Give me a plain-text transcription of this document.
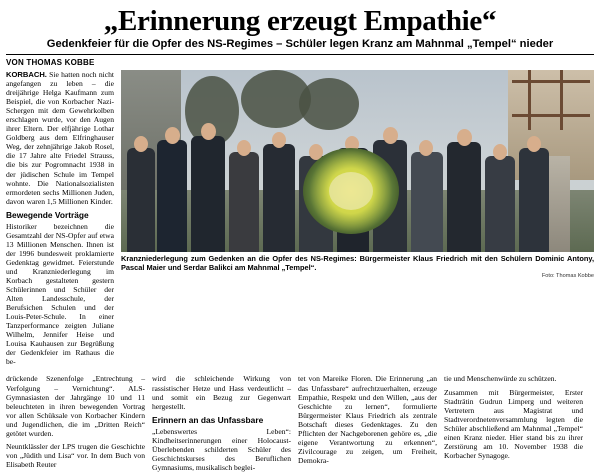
„Erinnerung erzeugt Empathie“
Gedenkfeier für die Opfer des NS-Regimes – Schüler legen Kranz am Mahnmal „Tempel“ nieder
VON THOMAS KOBBE

KORBACH. Sie hatten noch nicht angefangen zu leben – die dreijährige Helga Kaufmann zum Beispiel, die von Korbacher Nazi-Schergen mit dem Gewehrkolben erschlagen wurde, vor den Augen ihrer Eltern. Der elfjährige Lothar Goldberg aus dem Elfringhauser Weg, der zehnjährige Jakob Rosel, die 17 Jahre alte Friedel Strauss, die bis zur Pogromnacht 1938 in der jüdischen Schule im Tempel wohnte. Die Nationalsozialisten ermordeten sechs Millionen Juden, davon waren 1,5 Millionen Kinder.

Bewegende Vorträge

Historiker bezeichnen die Gesamtzahl der NS-Opfer auf etwa 13 Millionen Menschen. Ihnen ist der 1996 bundesweit proklamierte Gedenktag gewidmet. Feierstunde und Kranzniederlegung im Korbach gestalteten gestern Schülerinnen und Schüler der Alten Landesschule, der Berufsichen Schulen und der Louis-Peter-Schule. In einer Tanzperformance zeigten Juliane Wilhelm, Jennifer Heise und Louisa Kauhausen zur Begrüßung der Gedenkfeier im Rathaus die be-

Kranzniederlegung zum Gedenken an die Opfer des NS-Regimes: Bürgermeister Klaus Friedrich mit den Schülern Dominic Antony, Pascal Maier und Serdar Balikci am Mahnmal „Tempel“.
Foto: Thomas Kobbe

drückende Szenenfolge „Entrechtung – Verfolgung – Vernichtung“. ALS-Gymnasiasten der Jahrgänge 10 und 11 beleuchteten in ihren bewegenden Vortrag vor allen Schüksale von Korbacher Kindern und Jugendlichen, die im „Dritten Reich“ getötet wurden.

Neuntklässler der LPS trugen die Geschichte von „Jüdith und Lisa“ vor. In dem Buch von Elisabeth Reuter

wird die schleichende Wirkung von rassistischer Hetze und Hass verdeutlicht – und somit ein Bezug zur Gegenwart hergestellt.

Erinnern an das Unfassbare

„Lebenswertes Leben“: Kindheitserinnerungen einer Holocaust-Überlebenden schilderten Schüler des Geschichtskurses des Beruflichen Gymnasiums, musikalisch beglei-

tet von Mareike Floren. Die Erinnerung „an das Unfassbare“ aufrechtzuerhalten, erzeuge Empathie, Respekt und den Willen, „aus der Geschichte zu lernen“, formulierte Bürgermeister Klaus Friedrich als zentrale Botschaft dieses Gedenktages. Zu den Pflichten der Nachgeborenen gehöre es, „die eigene Verantwortung zu erkennen“, Zivilcourage zu zeigen, um Freiheit, Demokra-

tie und Menschenwürde zu schützen.

Zusammen mit Bürgermeister, Erster Stadträtin Gudrun Limperg und weiteren Vertretern aus Magistrat und Stadtverordnetenversammlung legten die Schüler abschließend am Mahnmal „Tempel“ einen Kranz nieder. Hier stand bis zu ihrer Zerstörung am 10. November 1938 die Korbacher Synagoge.
